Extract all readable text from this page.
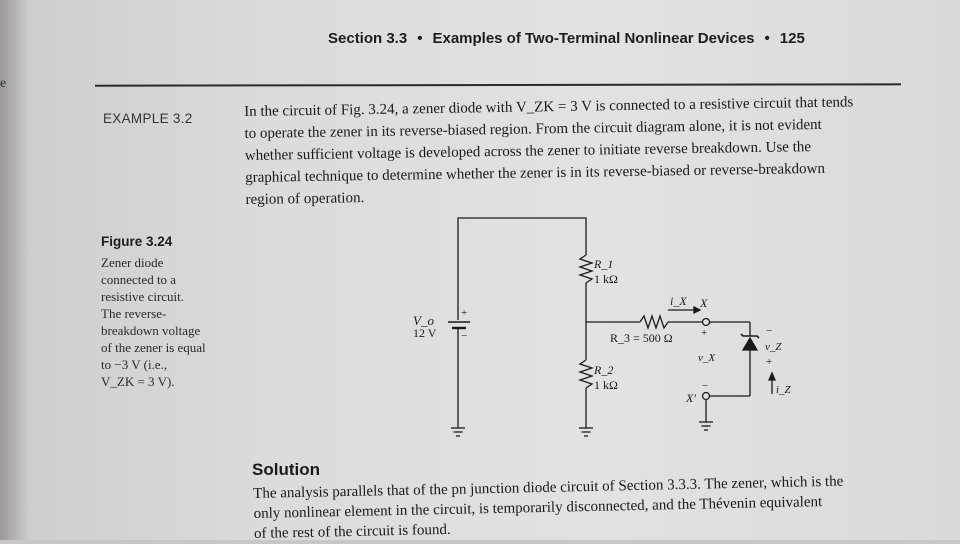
e
Section 3.3 • Examples of Two-Terminal Nonlinear Devices • 125
EXAMPLE 3.2	In the circuit of Fig. 3.24, a zener diode with V_ZK = 3 V is connected to a resistive circuit that tends
to operate the zener in its reverse-biased region. From the circuit diagram alone, it is not evident
whether sufficient voltage is developed across the zener to initiate reverse breakdown. Use the
graphical technique to determine whether the zener is in its reverse-biased or reverse-breakdown
region of operation.
Figure 3.24
Zener diode
connected to a
resistive circuit.
The reverse-
breakdown voltage
of the zener is equal
to −3 V (i.e.,
V_ZK = 3 V).
V_o
12 V
+
−
R_1
1 kΩ
R_2
1 kΩ
R_3 = 500 Ω
i_X X
+
v_X
−
X′
−
v_Z
+
i_Z
Solution
The analysis parallels that of the pn junction diode circuit of Section 3.3.3. The zener, which is the
only nonlinear element in the circuit, is temporarily disconnected, and the Thévenin equivalent
of the rest of the circuit is found.
